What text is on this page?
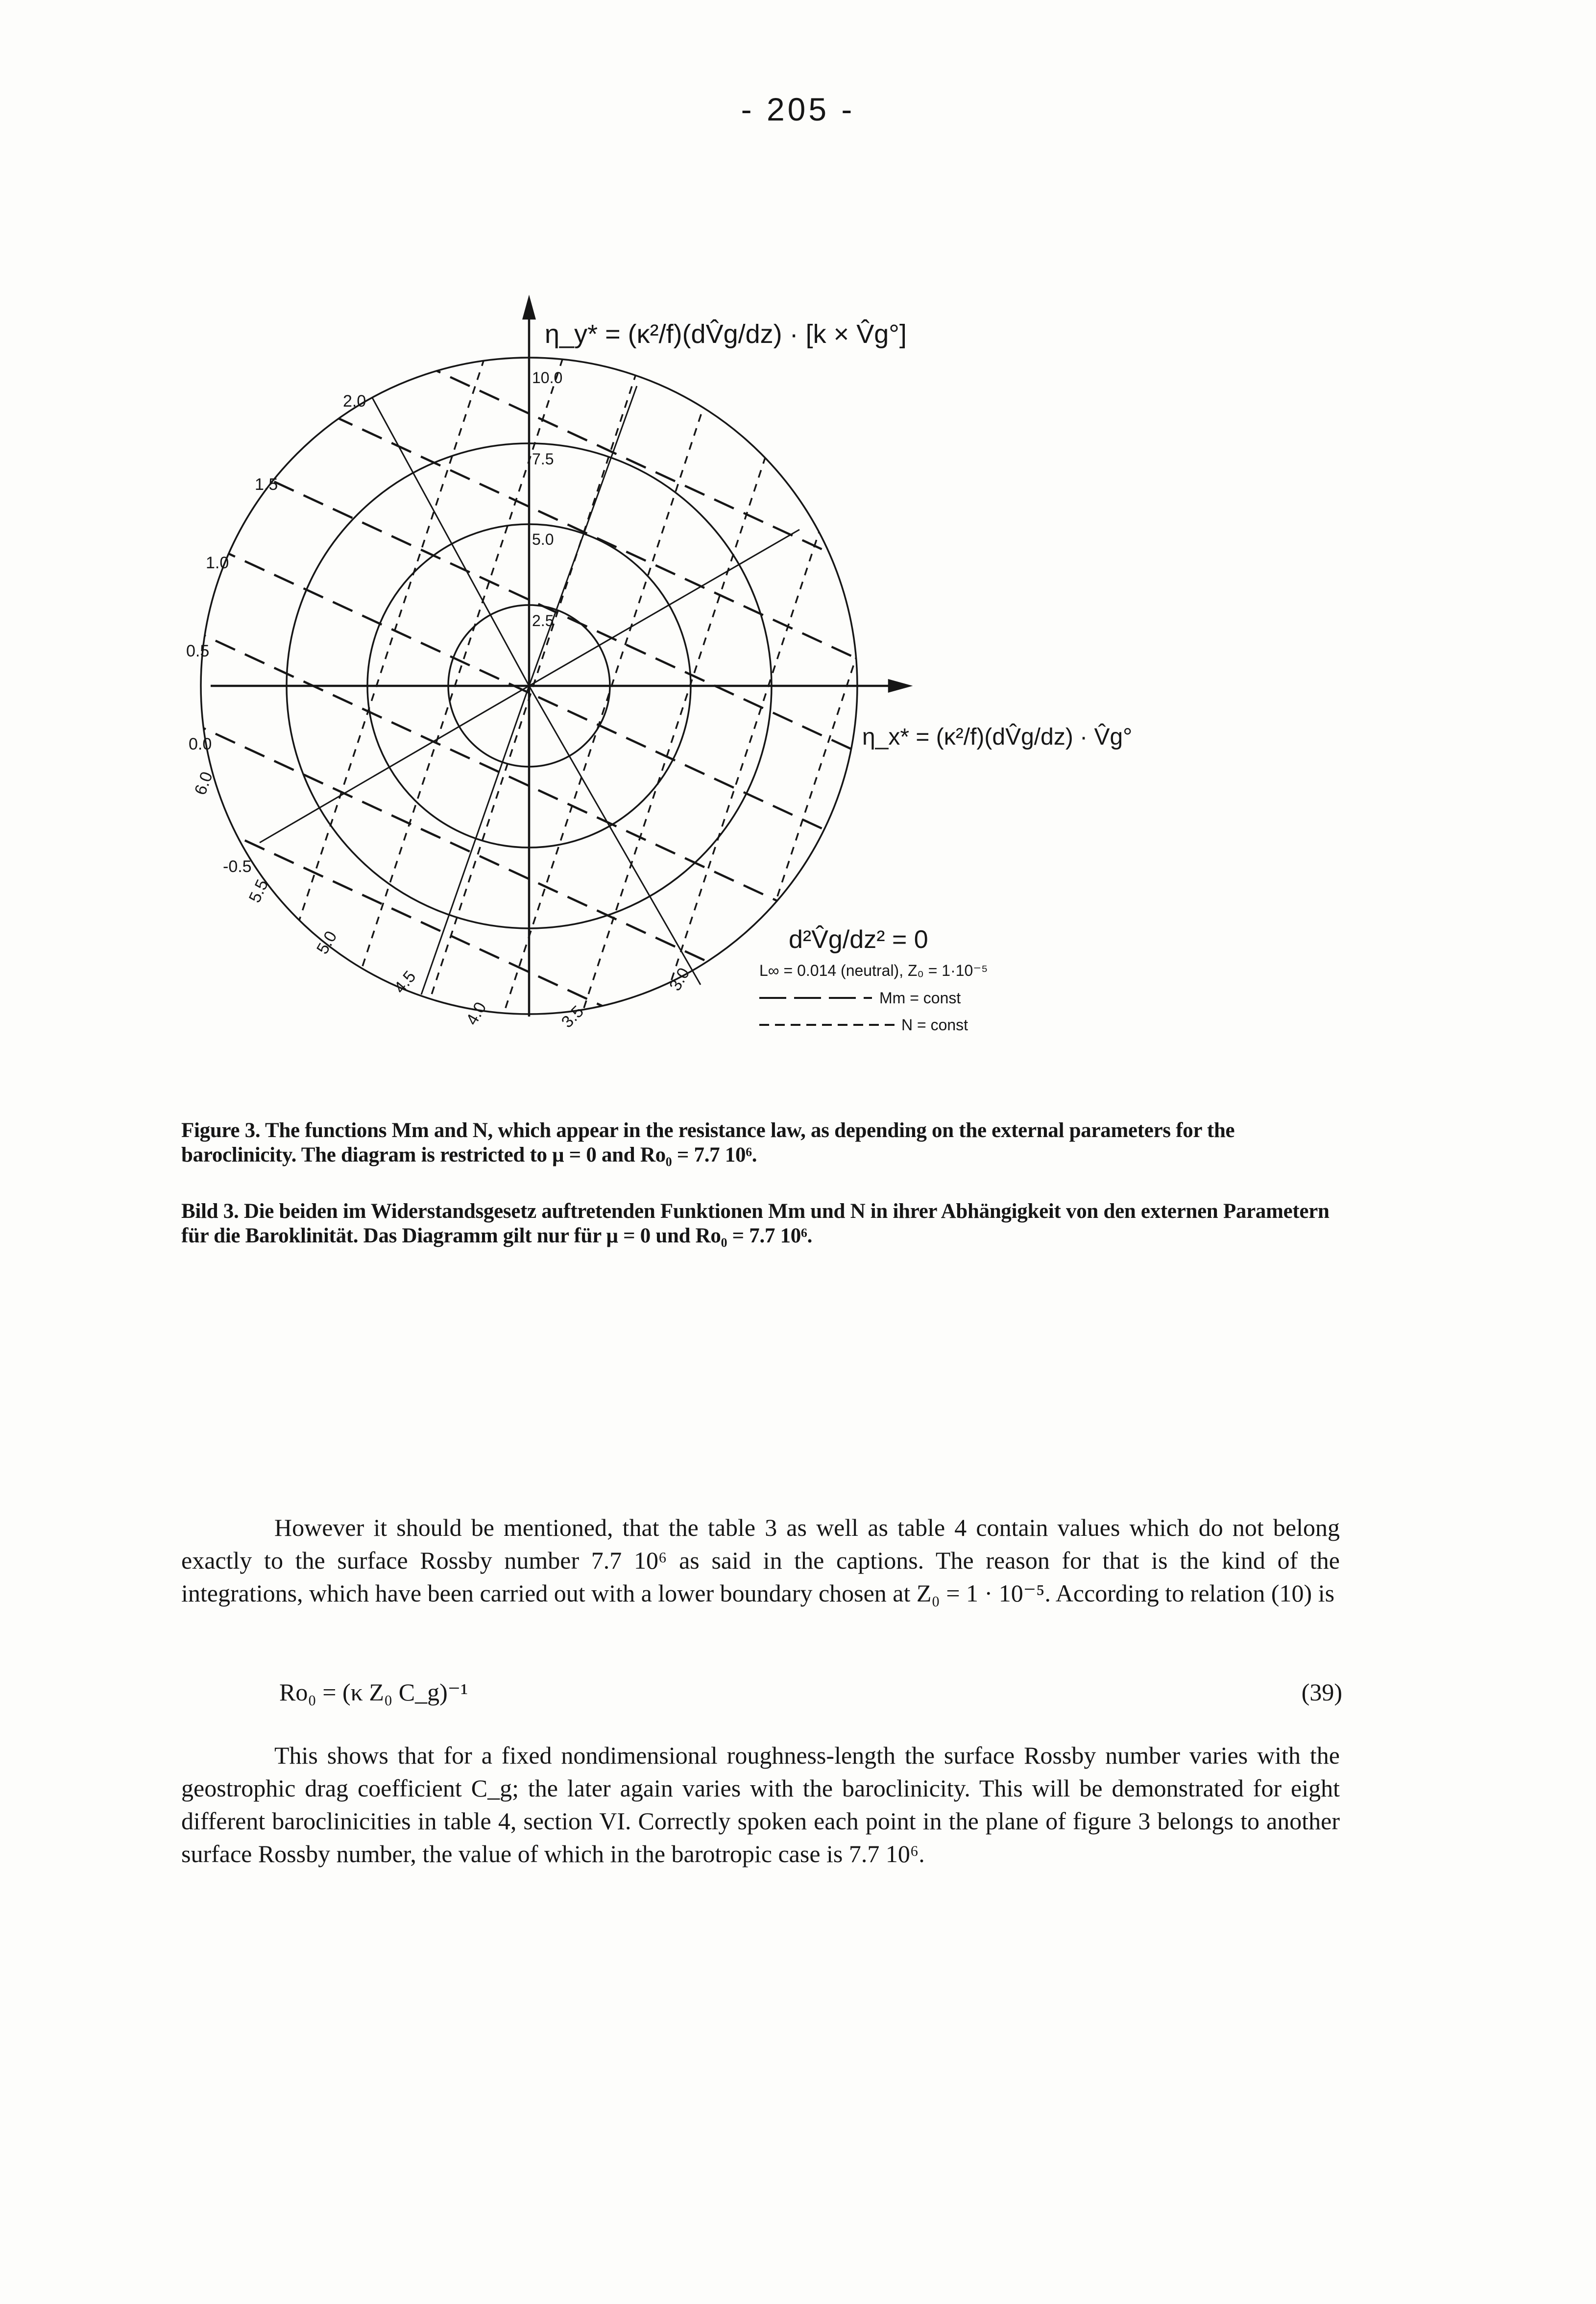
- 205 -
η_y* = (κ²/f)(dV̂g/dz) · [k × V̂g°]
η_x* = (κ²/f)(dV̂g/dz) · V̂g°
2.5
5.0
7.5
10.0
2.0
1.5
1.0
0.5
0.0
-0.5
6.0
5.5
5.0
4.5
4.0	3.5
3.0
d²V̂g/dz² = 0
L∞ = 0.014 (neutral), Z₀ = 1·10⁻⁵
Mm = const
N = const
Figure 3. The functions Mm and N, which appear in the resistance law, as depending on the external parameters for the baroclinicity. The diagram is restricted to μ = 0 and Ro₀ = 7.7 10⁶.
Bild 3. Die beiden im Widerstandsgesetz auftretenden Funktionen Mm und N in ihrer Abhängigkeit von den externen Parametern für die Baroklinität. Das Diagramm gilt nur für μ = 0 und Ro₀ = 7.7 10⁶.
However it should be mentioned, that the table 3 as well as table 4 contain values which do not belong exactly to the surface Rossby number 7.7 10⁶ as said in the captions. The reason for that is the kind of the integrations, which have been carried out with a lower boundary chosen at Z₀ = 1 · 10⁻⁵. According to relation (10) is
Ro₀ = (κ Z₀ C_g)⁻¹	(39)
This shows that for a fixed nondimensional roughness-length the surface Rossby number varies with the geostrophic drag coefficient C_g; the later again varies with the baroclinicity. This will be demonstrated for eight different baroclinicities in table 4, section VI. Correctly spoken each point in the plane of figure 3 belongs to another surface Rossby number, the value of which in the barotropic case is 7.7 10⁶.
